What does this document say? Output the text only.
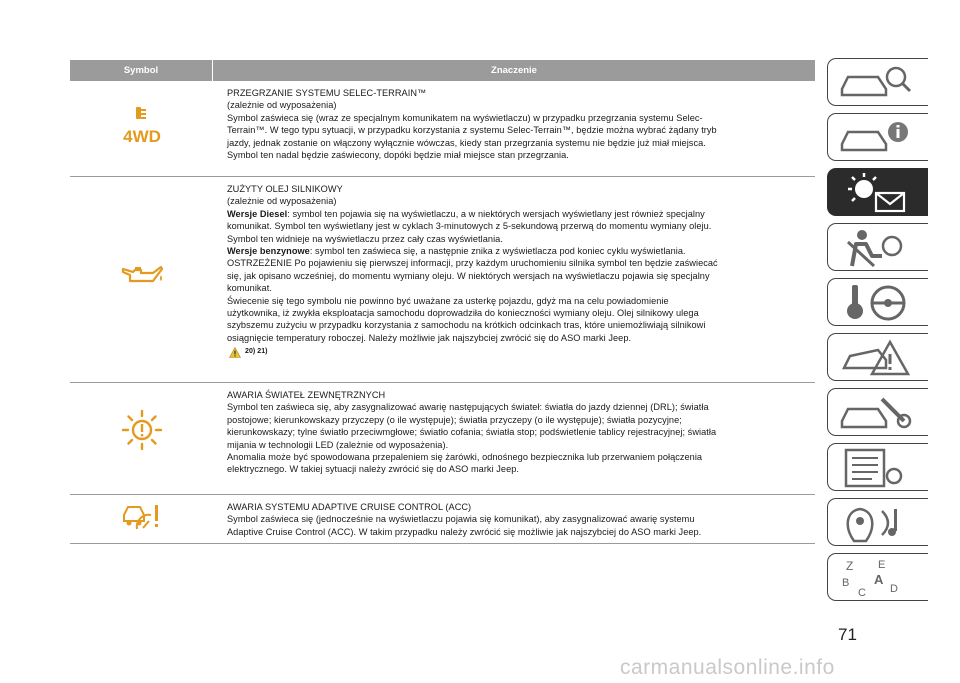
Symbol	Znaczenie
4WD

PRZEGRZANIE SYSTEMU SELEC-TERRAIN™

(zależnie od wyposażenia)

Symbol zaświeca się (wraz ze specjalnym komunikatem na wyświetlaczu) w przypadku przegrzania systemu Selec-

Terrain™. W tego typu sytuacji, w przypadku korzystania z systemu Selec-Terrain™, będzie można wybrać żądany tryb

jazdy, jednak zostanie on włączony wyłącznie wówczas, kiedy stan przegrzania systemu nie będzie już miał miejsca.

Symbol ten nadal będzie zaświecony, dopóki będzie miał miejsce stan przegrzania.

ZUŻYTY OLEJ SILNIKOWY

(zależnie od wyposażenia)

Wersje Diesel: symbol ten pojawia się na wyświetlaczu, a w niektórych wersjach wyświetlany jest również specjalny

komunikat. Symbol ten wyświetlany jest w cyklach 3-minutowych z 5-sekundową przerwą do momentu wymiany oleju.

Symbol ten widnieje na wyświetlaczu przez cały czas wyświetlania.

Wersje benzynowe: symbol ten zaświeca się, a następnie znika z wyświetlacza pod koniec cyklu wyświetlania.

OSTRZEŻENIE Po pojawieniu się pierwszej informacji, przy każdym uruchomieniu silnika symbol ten będzie zaświecać

się, jak opisano wcześniej, do momentu wymiany oleju. W niektórych wersjach na wyświetlaczu pojawia się specjalny

komunikat.

Świecenie się tego symbolu nie powinno być uważane za usterkę pojazdu, gdyż ma na celu powiadomienie

użytkownika, iż zwykła eksploatacja samochodu doprowadziła do konieczności wymiany oleju. Olej silnikowy ulega

szybszemu zużyciu w przypadku korzystania z samochodu na krótkich odcinkach tras, które uniemożliwiają silnikowi

osiągnięcie temperatury roboczej. Należy możliwie jak najszybciej zwrócić się do ASO marki Jeep.

20) 21)

AWARIA ŚWIATEŁ ZEWNĘTRZNYCH

Symbol ten zaświeca się, aby zasygnalizować awarię następujących świateł: światła do jazdy dziennej (DRL); światła

postojowe; kierunkowskazy przyczepy (o ile występuje); światła przyczepy (o ile występuje); światła pozycyjne;

kierunkowskazy; tylne światło przeciwmgłowe; światło cofania; światła stop; podświetlenie tablicy rejestracyjnej; światła

mijania w technologii LED (zależnie od wyposażenia).

Anomalia może być spowodowana przepaleniem się żarówki, odnośnego bezpiecznika lub przerwaniem połączenia

elektrycznego. W takiej sytuacji należy zwrócić się do ASO marki Jeep.

AWARIA SYSTEMU ADAPTIVE CRUISE CONTROL (ACC)

Symbol zaświeca się (jednocześnie na wyświetlaczu pojawia się komunikat), aby zasygnalizować awarię systemu

Adaptive Cruise Control (ACC). W takim przypadku należy zwrócić się możliwie jak najszybciej do ASO marki Jeep.

Z E
B A
C D
71
carmanualsonline.info
